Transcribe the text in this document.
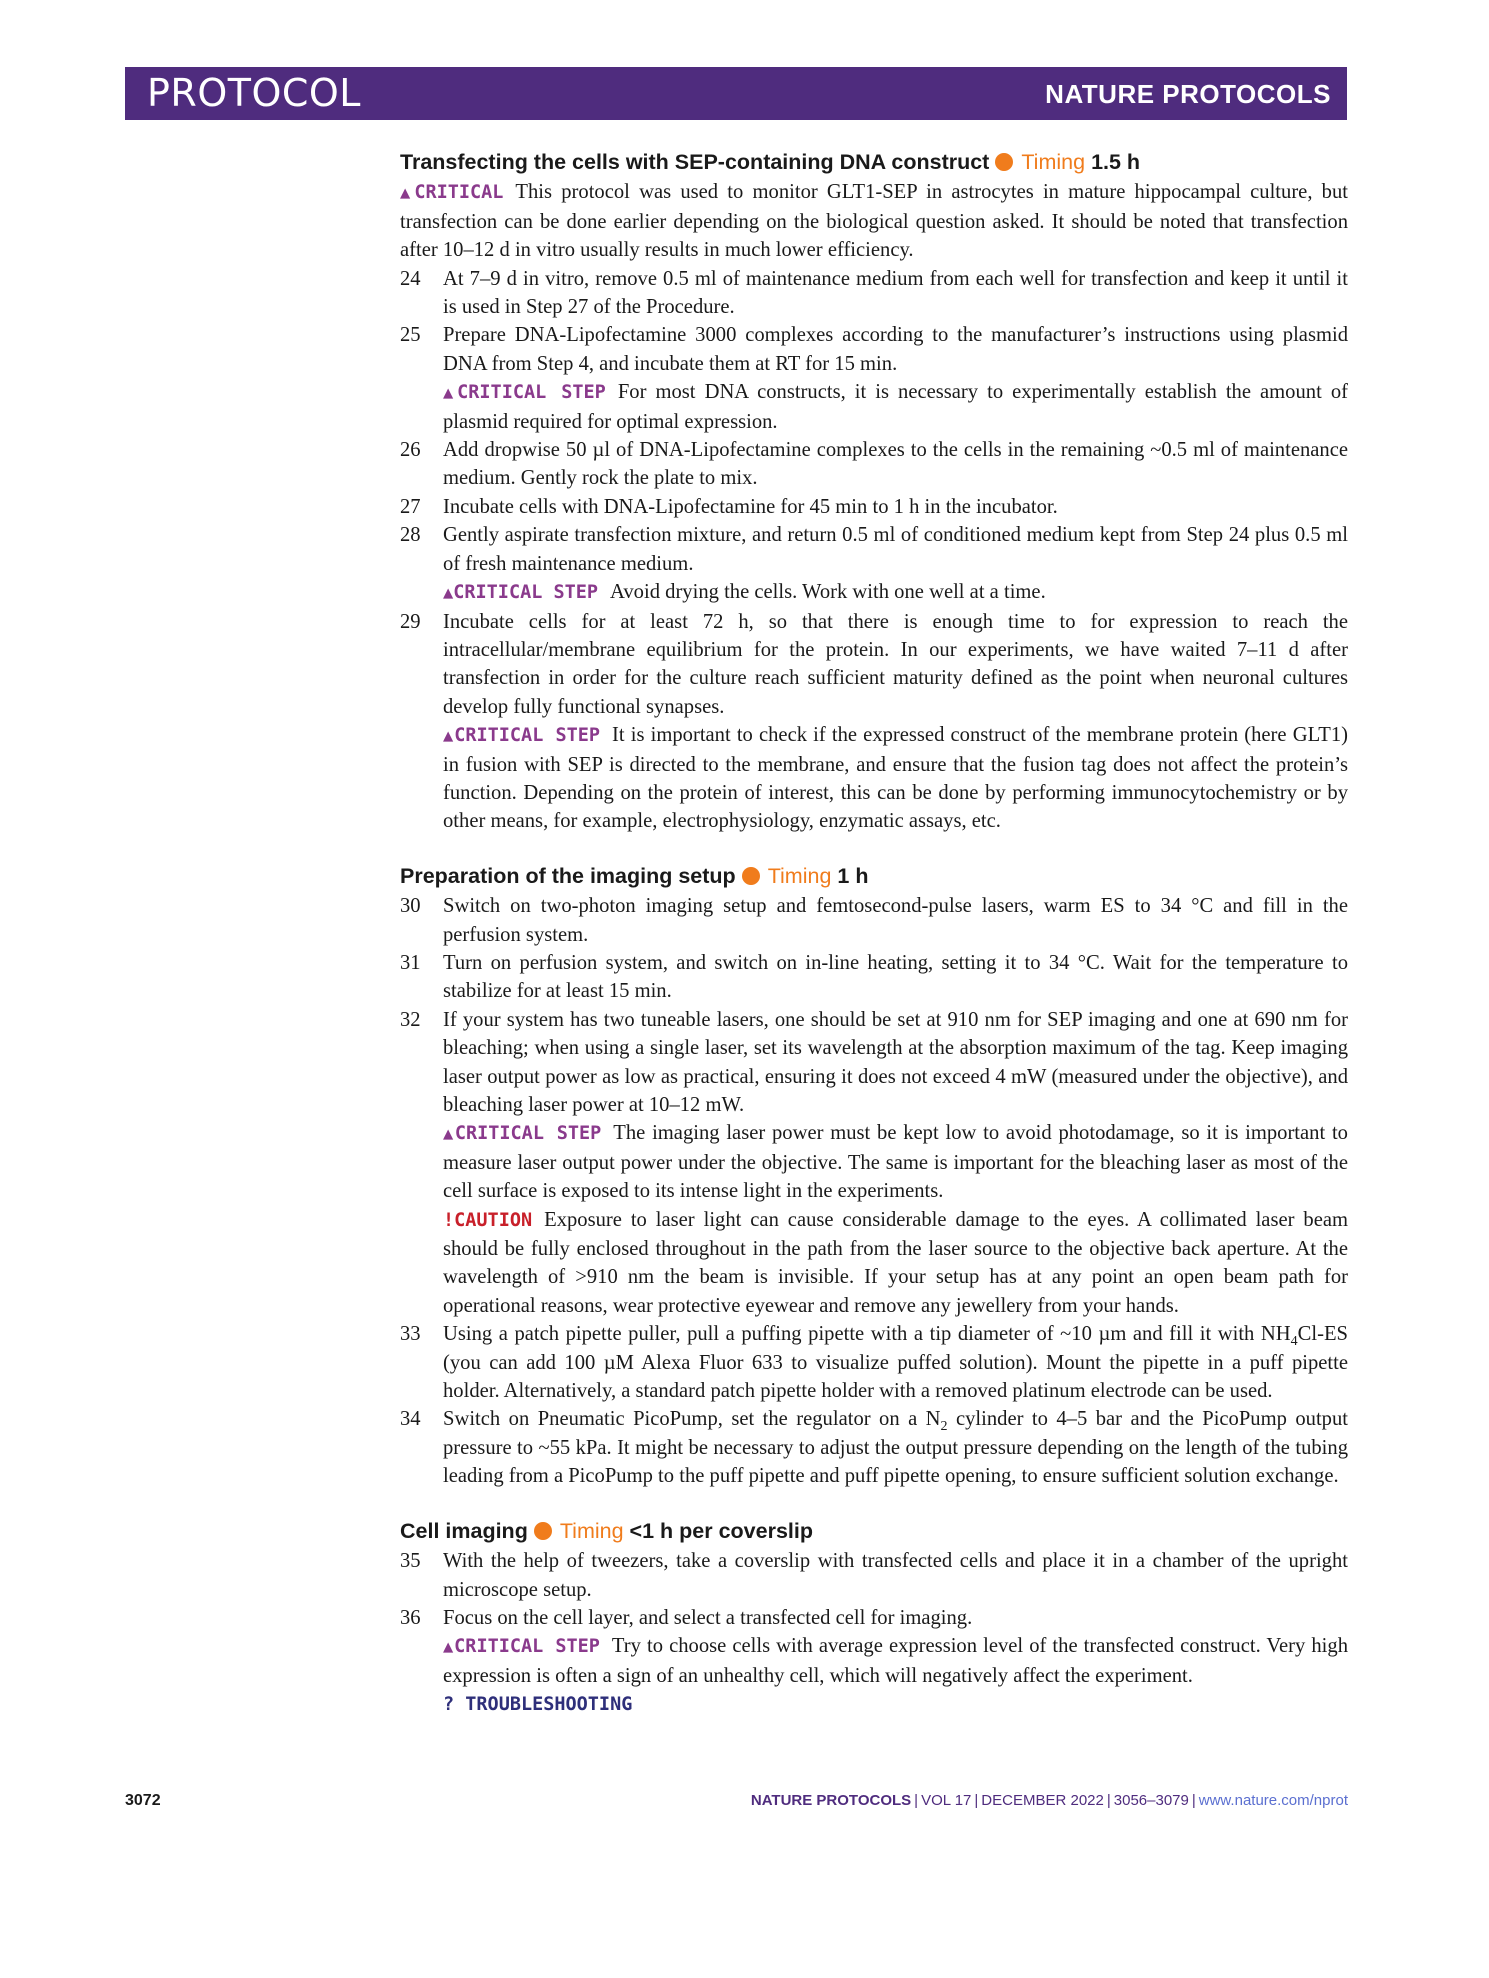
PROTOCOL	NATURE PROTOCOLS
Transfecting the cells with SEP-containing DNA construct Timing 1.5 h
▲CRITICAL This protocol was used to monitor GLT1-SEP in astrocytes in mature hippocampal culture, but transfection can be done earlier depending on the biological question asked. It should be noted that transfection after 10–12 d in vitro usually results in much lower efficiency.
24 At 7–9 d in vitro, remove 0.5 ml of maintenance medium from each well for transfection and keep it until it is used in Step 27 of the Procedure.
25 Prepare DNA-Lipofectamine 3000 complexes according to the manufacturer’s instructions using plasmid DNA from Step 4, and incubate them at RT for 15 min.
▲CRITICAL STEP For most DNA constructs, it is necessary to experimentally establish the amount of plasmid required for optimal expression.
26 Add dropwise 50 µl of DNA-Lipofectamine complexes to the cells in the remaining ~0.5 ml of maintenance medium. Gently rock the plate to mix.
27 Incubate cells with DNA-Lipofectamine for 45 min to 1 h in the incubator.
28 Gently aspirate transfection mixture, and return 0.5 ml of conditioned medium kept from Step 24 plus 0.5 ml of fresh maintenance medium.
▲CRITICAL STEP Avoid drying the cells. Work with one well at a time.
29 Incubate cells for at least 72 h, so that there is enough time to for expression to reach the intracellular/membrane equilibrium for the protein. In our experiments, we have waited 7–11 d after transfection in order for the culture reach sufficient maturity defined as the point when neuronal cultures develop fully functional synapses.
▲CRITICAL STEP It is important to check if the expressed construct of the membrane protein (here GLT1) in fusion with SEP is directed to the membrane, and ensure that the fusion tag does not affect the protein’s function. Depending on the protein of interest, this can be done by performing immunocytochemistry or by other means, for example, electrophysiology, enzymatic assays, etc.
Preparation of the imaging setup Timing 1 h
30 Switch on two-photon imaging setup and femtosecond-pulse lasers, warm ES to 34 °C and fill in the perfusion system.
31 Turn on perfusion system, and switch on in-line heating, setting it to 34 °C. Wait for the temperature to stabilize for at least 15 min.
32 If your system has two tuneable lasers, one should be set at 910 nm for SEP imaging and one at 690 nm for bleaching; when using a single laser, set its wavelength at the absorption maximum of the tag. Keep imaging laser output power as low as practical, ensuring it does not exceed 4 mW (measured under the objective), and bleaching laser power at 10–12 mW.
▲CRITICAL STEP The imaging laser power must be kept low to avoid photodamage, so it is important to measure laser output power under the objective. The same is important for the bleaching laser as most of the cell surface is exposed to its intense light in the experiments.
!CAUTION Exposure to laser light can cause considerable damage to the eyes. A collimated laser beam should be fully enclosed throughout in the path from the laser source to the objective back aperture. At the wavelength of >910 nm the beam is invisible. If your setup has at any point an open beam path for operational reasons, wear protective eyewear and remove any jewellery from your hands.
33 Using a patch pipette puller, pull a puffing pipette with a tip diameter of ~10 µm and fill it with $NH_4Cl-ES$ (you can add 100 µM Alexa Fluor 633 to visualize puffed solution). Mount the pipette in a puff pipette holder. Alternatively, a standard patch pipette holder with a removed platinum electrode can be used.
34 Switch on Pneumatic PicoPump, set the regulator on a $N_2$ cylinder to 4–5 bar and the PicoPump output pressure to ~55 kPa. It might be necessary to adjust the output pressure depending on the length of the tubing leading from a PicoPump to the puff pipette and puff pipette opening, to ensure sufficient solution exchange.
Cell imaging Timing <1 h per coverslip
35 With the help of tweezers, take a coverslip with transfected cells and place it in a chamber of the upright microscope setup.
36 Focus on the cell layer, and select a transfected cell for imaging.
▲CRITICAL STEP Try to choose cells with average expression level of the transfected construct. Very high expression is often a sign of an unhealthy cell, which will negatively affect the experiment.
? TROUBLESHOOTING
3072	NATURE PROTOCOLS | VOL 17 | DECEMBER 2022 | 3056–3079 | www.nature.com/nprot
